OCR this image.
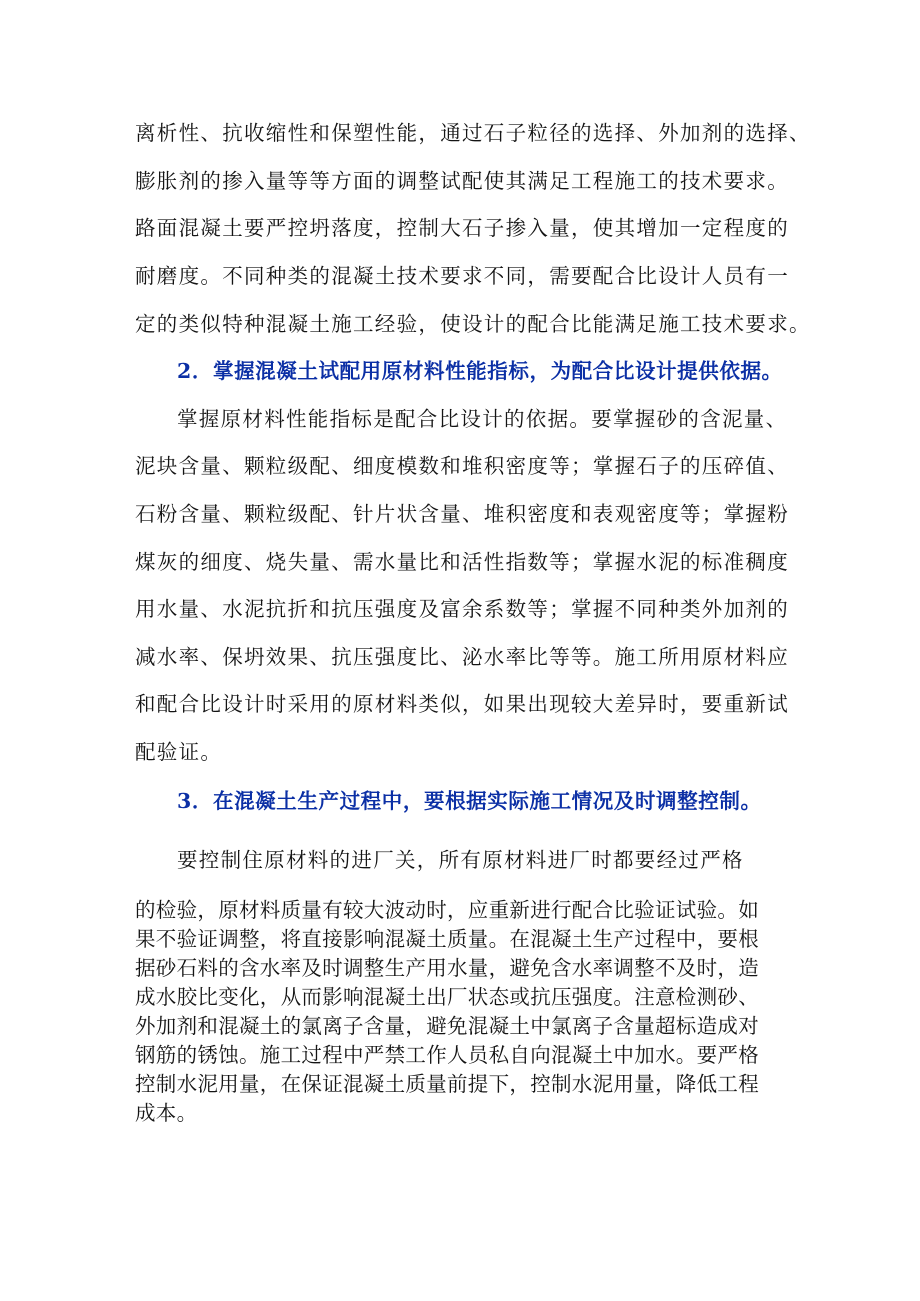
离析性、抗收缩性和保塑性能，通过石子粒径的选择、外加剂的选择、

膨胀剂的掺入量等等方面的调整试配使其满足工程施工的技术要求。

路面混凝土要严控坍落度，控制大石子掺入量，使其增加一定程度的

耐磨度。不同种类的混凝土技术要求不同，需要配合比设计人员有一

定的类似特种混凝土施工经验，使设计的配合比能满足施工技术要求。

2．掌握混凝土试配用原材料性能指标，为配合比设计提供依据。

掌握原材料性能指标是配合比设计的依据。要掌握砂的含泥量、

泥块含量、颗粒级配、细度模数和堆积密度等；掌握石子的压碎值、

石粉含量、颗粒级配、针片状含量、堆积密度和表观密度等；掌握粉

煤灰的细度、烧失量、需水量比和活性指数等；掌握水泥的标准稠度

用水量、水泥抗折和抗压强度及富余系数等；掌握不同种类外加剂的

减水率、保坍效果、抗压强度比、泌水率比等等。施工所用原材料应

和配合比设计时采用的原材料类似，如果出现较大差异时，要重新试

配验证。

3．在混凝土生产过程中，要根据实际施工情况及时调整控制。

要控制住原材料的进厂关，所有原材料进厂时都要经过严格

的检验，原材料质量有较大波动时，应重新进行配合比验证试验。如

果不验证调整，将直接影响混凝土质量。在混凝土生产过程中，要根

据砂石料的含水率及时调整生产用水量，避免含水率调整不及时，造

成水胶比变化，从而影响混凝土出厂状态或抗压强度。注意检测砂、

外加剂和混凝土的氯离子含量，避免混凝土中氯离子含量超标造成对

钢筋的锈蚀。施工过程中严禁工作人员私自向混凝土中加水。要严格

控制水泥用量，在保证混凝土质量前提下，控制水泥用量，降低工程

成本。
